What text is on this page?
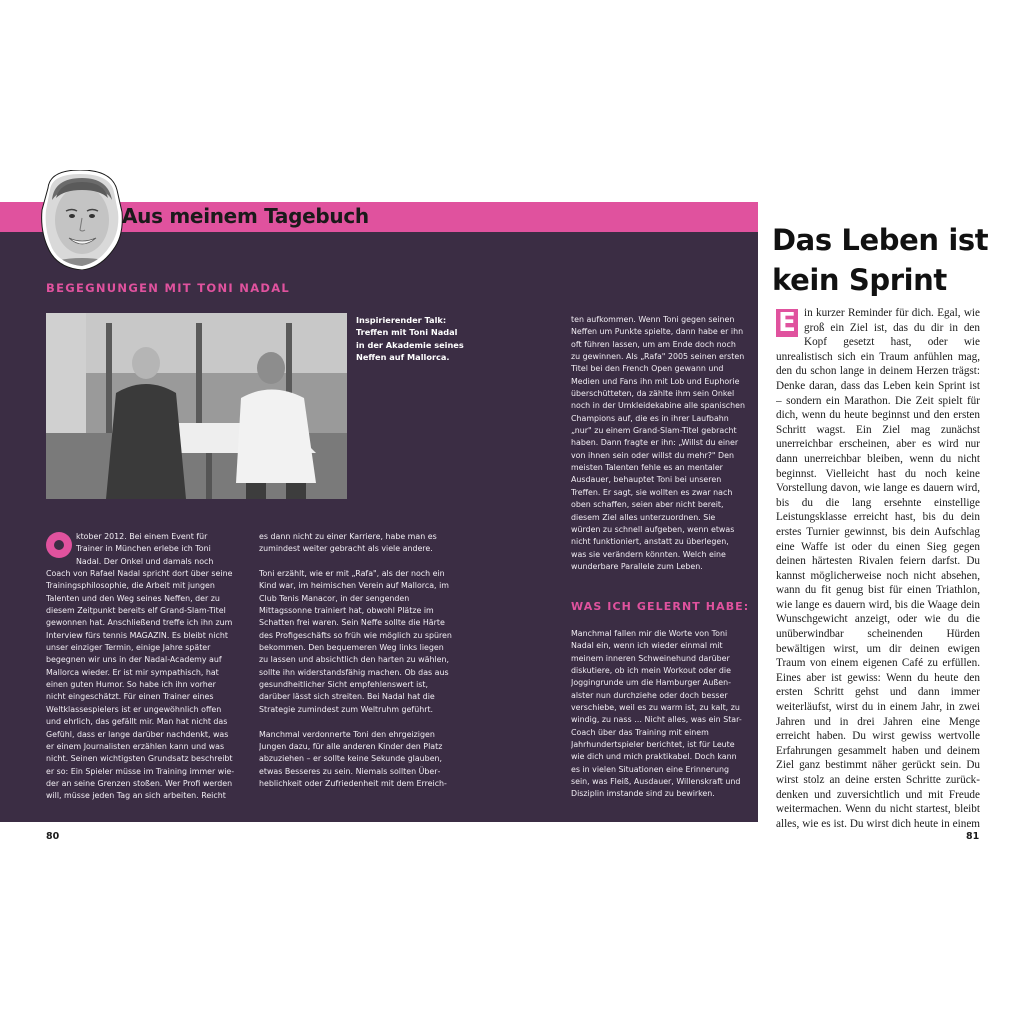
Aus meinem Tagebuch
BEGEGNUNGEN MIT TONI NADAL
Inspirierender Talk: Treffen mit Toni Nadal in der Akademie seines Neffen auf Mallorca.

ktober 2012. Bei einem Event für Trainer in München erlebe ich Toni Nadal. Der Onkel und damals noch Coach von Rafael Nadal spricht dort über seine Trainingsphilosophie, die Arbeit mit jungen Talenten und den Weg seines Neffen, der zu diesem Zeitpunkt bereits elf Grand-Slam-Titel gewonnen hat. Anschließend treffe ich ihn zum Interview fürs tennis MAGAZIN. Es bleibt nicht unser einziger Termin, einige Jahre später begegnen wir uns in der Nadal-Academy auf Mallorca wieder. Er ist mir sympathisch, hat einen guten Humor. So habe ich ihn vorher nicht eingeschätzt. Für einen Trainer eines Weltklassespielers ist er ungewöhnlich offen und ehrlich, das gefällt mir. Man hat nicht das Gefühl, dass er lange darüber nachdenkt, was er einem Journalisten erzählen kann und was nicht. Seinen wichtigsten Grundsatz beschreibt er so: Ein Spieler müsse im Training immer wieder an seine Grenzen stoßen. Wer Profi werden will, müsse jeden Tag an sich arbeiten. Reicht

es dann nicht zu einer Karriere, habe man es zumindest weiter gebracht als viele andere.

Toni erzählt, wie er mit „Rafa", als der noch ein Kind war, im heimischen Verein auf Mallorca, im Club Tenis Manacor, in der sengenden Mittagssonne trainiert hat, obwohl Plätze im Schatten frei waren. Sein Neffe sollte die Härte des Profigeschäfts so früh wie möglich zu spüren bekommen. Den bequemeren Weg links liegen zu lassen und absichtlich den harten zu wählen, sollte ihn widerstandsfähig machen. Ob das aus gesundheitlicher Sicht empfehlenswert ist, darüber lässt sich streiten. Bei Nadal hat die Strategie zumindest zum Weltruhm geführt.

Manchmal verdonnerte Toni den ehrgeizigen Jungen dazu, für alle anderen Kinder den Platz abzuziehen – er sollte keine Sekunde glauben, etwas Besseres zu sein. Niemals sollten Überheblichkeit oder Zufriedenheit mit dem Erreich-

ten aufkommen. Wenn Toni gegen seinen Neffen um Punkte spielte, dann habe er ihn oft führen lassen, um am Ende doch noch zu gewinnen. Als „Rafa" 2005 seinen ersten Titel bei den French Open gewann und Medien und Fans ihn mit Lob und Euphorie überschütteten, da zählte ihm sein Onkel noch in der Umkleidekabine alle spanischen Champions auf, die es in ihrer Laufbahn „nur" zu einem Grand-Slam-Titel gebracht haben. Dann fragte er ihn: „Willst du einer von ihnen sein oder willst du mehr?" Den meisten Talenten fehle es an mentaler Ausdauer, behauptet Toni bei unseren Treffen. Er sagt, sie wollten es zwar nach oben schaffen, seien aber nicht bereit, diesem Ziel alles unterzuordnen. Sie würden zu schnell aufgeben, wenn etwas nicht funktioniert, anstatt zu überlegen, was sie verändern könnten. Welch eine wunderbare Parallele zum Leben.

WAS ICH GELERNT HABE:

Manchmal fallen mir die Worte von Toni Nadal ein, wenn ich wieder einmal mit meinem inneren Schweinehund darüber diskutiere, ob ich mein Workout oder die Joggingrunde um die Hamburger Außenalster nun durchziehe oder doch besser verschiebe, weil es zu warm ist, zu kalt, zu windig, zu nass … Nicht alles, was ein Star-Coach über das Training mit einem Jahrhundertspieler berichtet, ist für Leute wie dich und mich praktikabel. Doch kann es in vielen Situationen eine Erinnerung sein, was Fleiß, Ausdauer, Willenskraft und Disziplin imstande sind zu bewirken.

80
Das Leben ist kein Sprint
E in kurzer Reminder für dich. Egal, wie groß ein Ziel ist, das du dir in den Kopf gesetzt hast, oder wie unrealistisch sich ein Traum anfühlen mag, den du schon lange in deinem Herzen trägst: Denke daran, dass das Leben kein Sprint ist – sondern ein Marathon. Die Zeit spielt für dich, wenn du heute beginnst und den ersten Schritt wagst. Ein Ziel mag zunächst unerreichbar erscheinen, aber es wird nur dann unerreichbar bleiben, wenn du nicht beginnst. Vielleicht hast du noch keine Vorstellung davon, wie lange es dauern wird, bis du die lang ersehnte einstellige Leistungsklasse erreicht hast, bis du dein erstes Turnier gewinnst, bis dein Aufschlag eine Waffe ist oder du einen Sieg gegen deinen härtesten Rivalen feiern darfst. Du kannst möglicherweise noch nicht absehen, wann du fit genug bist für einen Triathlon, wie lange es dauern wird, bis die Waage dein Wunschgewicht anzeigt, oder wie du die unüberwindbar scheinenden Hürden bewältigen wirst, um dir deinen ewigen Traum von einem eigenen Café zu erfüllen. Eines aber ist gewiss: Wenn du heute den ersten Schritt gehst und dann immer weiterläufst, wirst du in einem Jahr, in zwei Jahren und in drei Jahren eine Menge erreicht haben. Du wirst gewiss wertvolle Erfahrungen gesammelt haben und deinem Ziel ganz bestimmt näher gerückt sein. Du wirst stolz an deine ersten Schritte zurückdenken und zuversichtlich und mit Freude weitermachen. Wenn du nicht startest, bleibt alles, wie es ist. Du wirst dich heute in einem
81
